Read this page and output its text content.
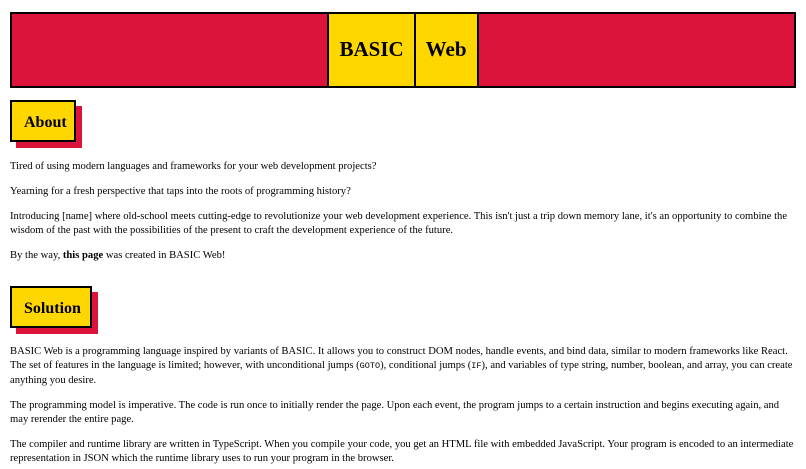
BASIC	Web
About

Tired of using modern languages and frameworks for your web development projects?

Yearning for a fresh perspective that taps into the roots of programming history?

Introducing [name] where old-school meets cutting-edge to revolutionize your web development experience. This isn't just a trip down memory lane, it's an opportunity to combine the wisdom of the past with the possibilities of the present to craft the development experience of the future.

By the way, this page was created in BASIC Web!

Solution

BASIC Web is a programming language inspired by variants of BASIC. It allows you to construct DOM nodes, handle events, and bind data, similar to modern frameworks like React. The set of features in the language is limited; however, with unconditional jumps (GOTO), conditional jumps (IF), and variables of type string, number, boolean, and array, you can create anything you desire.

The programming model is imperative. The code is run once to initially render the page. Upon each event, the program jumps to a certain instruction and begins executing again, and may rerender the entire page.

The compiler and runtime library are written in TypeScript. When you compile your code, you get an HTML file with embedded JavaScript. Your program is encoded to an intermediate representation in JSON which the runtime library uses to run your program in the browser.
